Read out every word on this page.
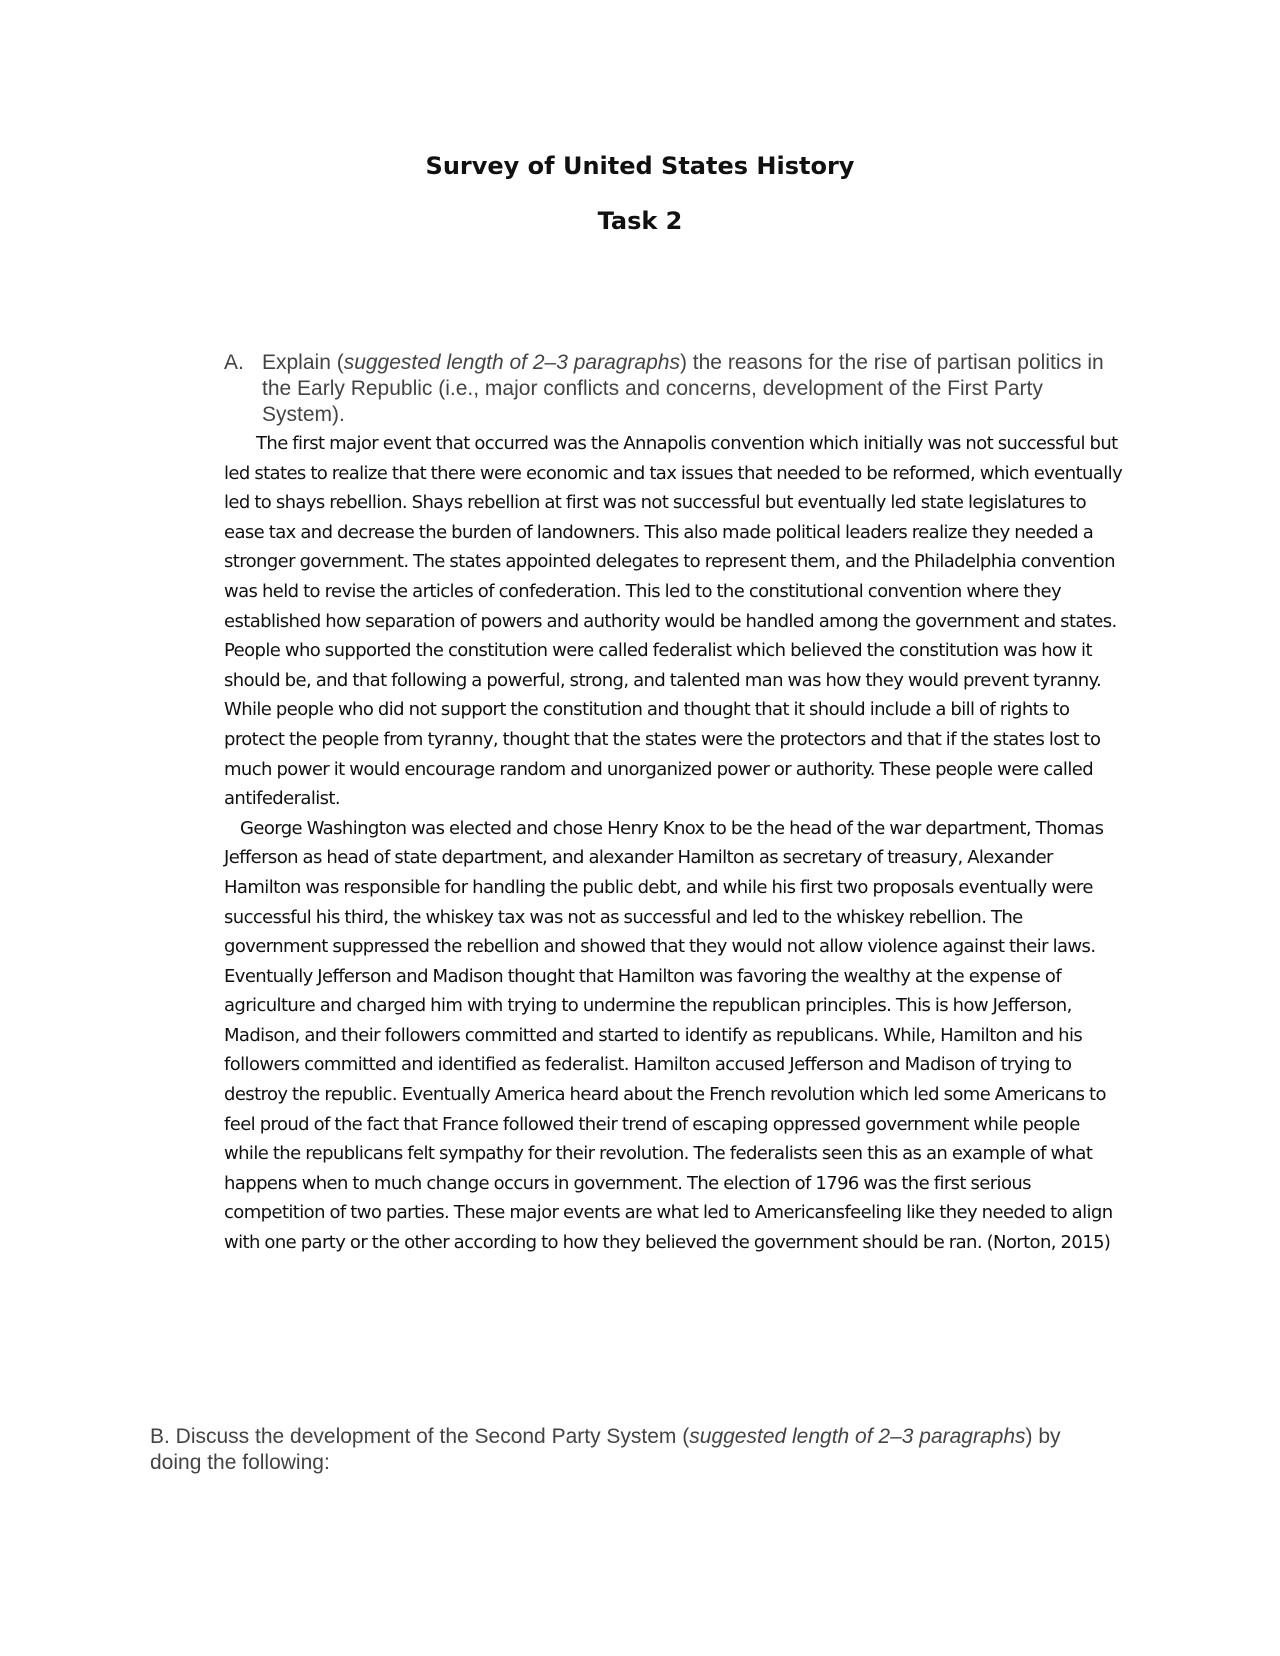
Survey of United States History
Task 2
A. Explain (suggested length of 2–3 paragraphs) the reasons for the rise of partisan politics in the Early Republic (i.e., major conflicts and concerns, development of the First Party System).

The first major event that occurred was the Annapolis convention which initially was not successful but led states to realize that there were economic and tax issues that needed to be reformed, which eventually led to shays rebellion. Shays rebellion at first was not successful but eventually led state legislatures to ease tax and decrease the burden of landowners. This also made political leaders realize they needed a stronger government. The states appointed delegates to represent them, and the Philadelphia convention was held to revise the articles of confederation. This led to the constitutional convention where they established how separation of powers and authority would be handled among the government and states. People who supported the constitution were called federalist which believed the constitution was how it should be, and that following a powerful, strong, and talented man was how they would prevent tyranny. While people who did not support the constitution and thought that it should include a bill of rights to protect the people from tyranny, thought that the states were the protectors and that if the states lost to much power it would encourage random and unorganized power or authority. These people were called antifederalist.

George Washington was elected and chose Henry Knox to be the head of the war department, Thomas Jefferson as head of state department, and alexander Hamilton as secretary of treasury, Alexander Hamilton was responsible for handling the public debt, and while his first two proposals eventually were successful his third, the whiskey tax was not as successful and led to the whiskey rebellion. The government suppressed the rebellion and showed that they would not allow violence against their laws. Eventually Jefferson and Madison thought that Hamilton was favoring the wealthy at the expense of agriculture and charged him with trying to undermine the republican principles. This is how Jefferson, Madison, and their followers committed and started to identify as republicans. While, Hamilton and his followers committed and identified as federalist. Hamilton accused Jefferson and Madison of trying to destroy the republic. Eventually America heard about the French revolution which led some Americans to feel proud of the fact that France followed their trend of escaping oppressed government while people while the republicans felt sympathy for their revolution. The federalists seen this as an example of what happens when to much change occurs in government. The election of 1796 was the first serious competition of two parties. These major events are what led to Americansfeeling like they needed to align with one party or the other according to how they believed the government should be ran. (Norton, 2015)

B. Discuss the development of the Second Party System (suggested length of 2–3 paragraphs) by doing the following:
